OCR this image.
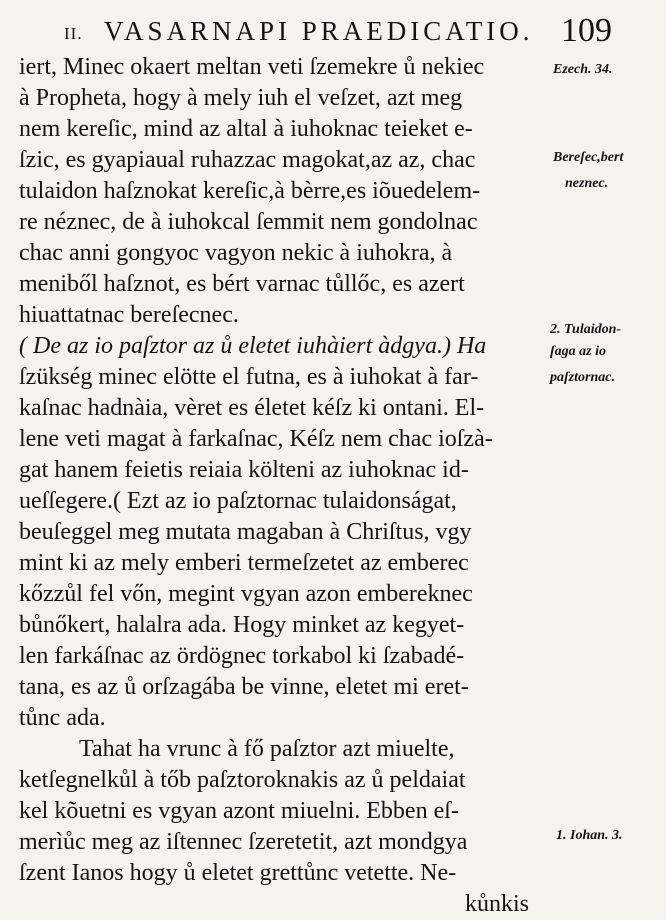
II. VASARNAPI PRAEDICATIO. 109
iert, Minec okaert meltan veti ſzemekre ů nekiec
à Propheta, hogy à mely iuh el veſzet, azt meg
nem kereſic, mind az altal à iuhoknac teieket e-
ſzic, es gyapiaual ruhazzac magokat,az az, chac
tulaidon haſznokat kereſic,à bèrre,es iõuedelem-
re néznec, de à iuhokcal ſemmit nem gondolnac
chac anni gongyoc vagyon nekic à iuhokra, à
meniből haſznot, es bért varnac tůllőc, es azert
hiuattatnac bereſecnec.
( De az io paſztor az ů eletet iuhàiert àdgya.) Ha
ſzükség minec elötte el futna, es à iuhokat à far-
kaſnac hadnàia, vèret es életet kéſz ki ontani. El-
lene veti magat à farkaſnac, Kéſz nem chac ioſzà-
gat hanem feietis reiaia költeni az iuhoknac id-
ueſſegere.( Ezt az io paſztornac tulaidonságat,
beuſeggel meg mutata magaban à Chriſtus, vgy
mint ki az mely emberi termeſzetet az emberec
kőzzůl fel vőn, megint vgyan azon embereknec
bůnőkert, halalra ada. Hogy minket az kegyet-
len farkáſnac az ördögnec torkabol ki ſzabadé-
tana, es az ů orſzagába be vinne, eletet mi eret-
tůnc ada.
Tahat ha vrunc à fő paſztor azt miuelte,
ketſegnelkůl à tőb paſztoroknakis az ů peldaiat
kel kõuetni es vgyan azont miuelni. Ebben eſ-
merìůc meg az iſtennec ſzeretetit, azt mondgya
ſzent Ianos hogy ů eletet grettůnc vetette. Ne-
kůnkis
Ezech. 34.
Bereſec,bert
neznec.
2. Tulaidon-
ſaga az io
paſztornac.
1. Iohan. 3.
